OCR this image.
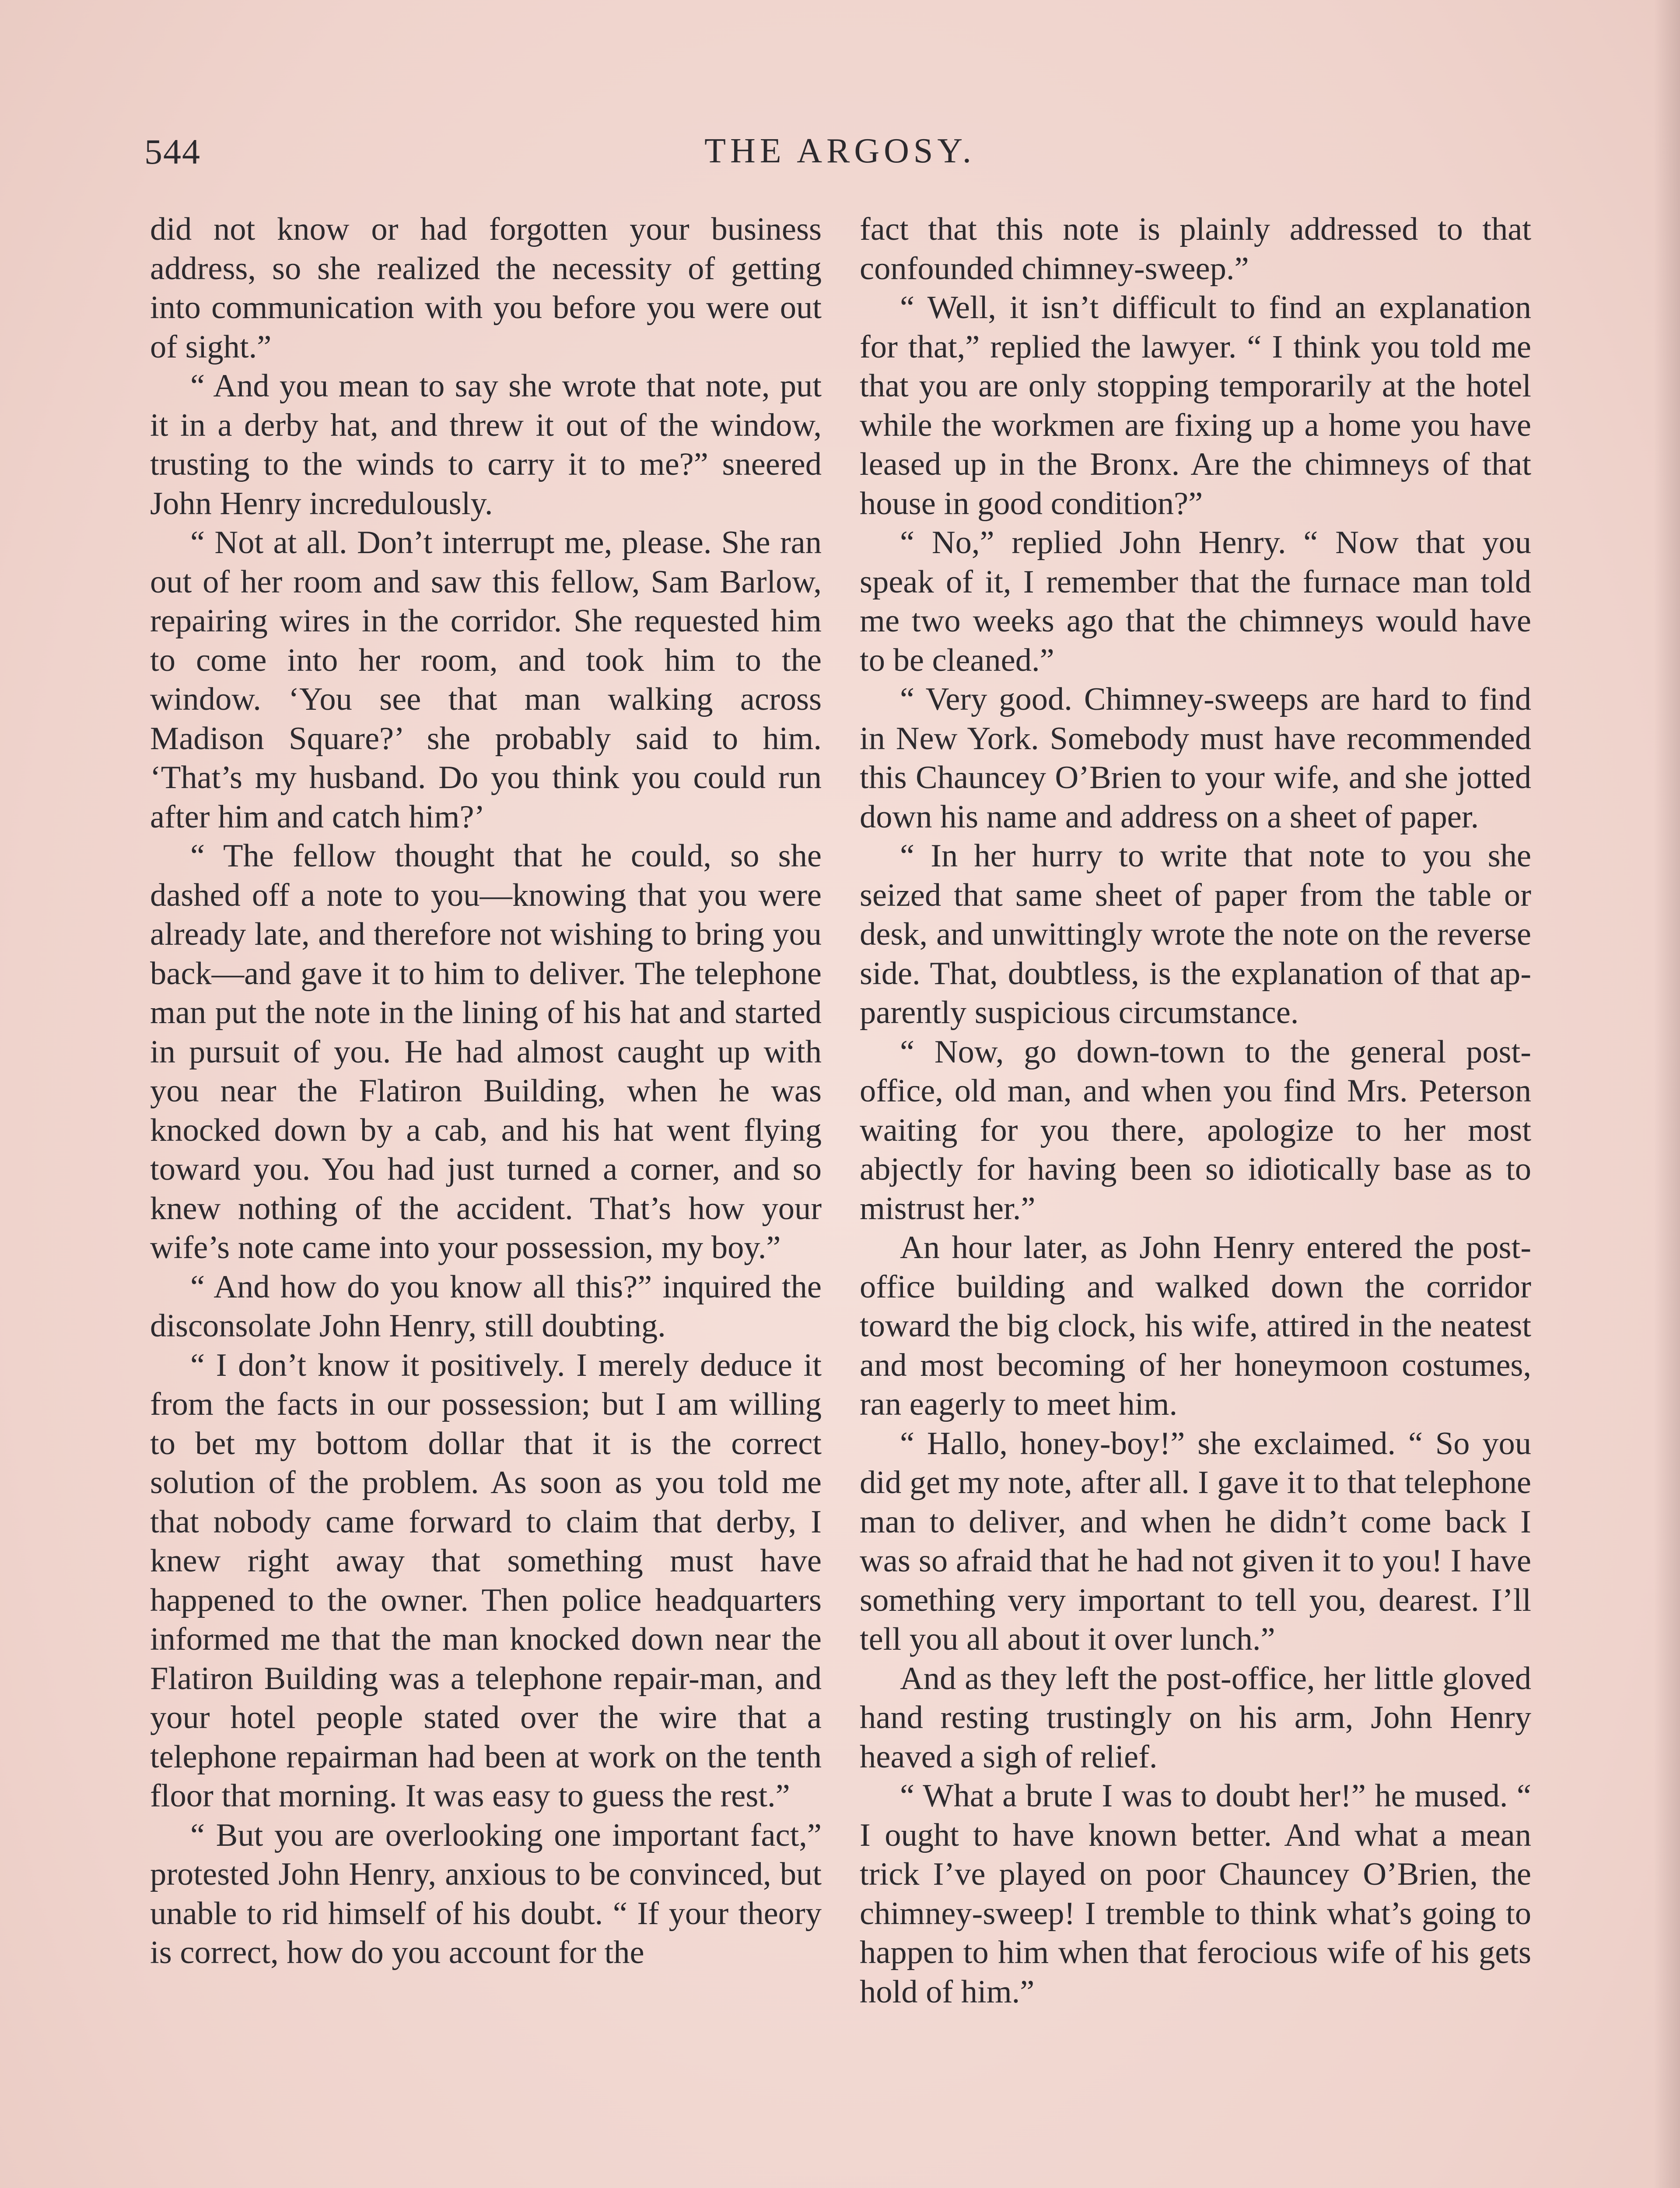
544	THE ARGOSY.

did not know or had forgotten your business address, so she realized the necessity of getting into communication with you before you were out of sight.”

“ And you mean to say she wrote that note, put it in a derby hat, and threw it out of the window, trusting to the winds to carry it to me?” sneered John Henry incredulously.

“ Not at all. Don’t interrupt me, please. She ran out of her room and saw this fellow, Sam Barlow, repairing wires in the corridor. She requested him to come into her room, and took him to the window. ‘You see that man walking across Madison Square?’ she probably said to him. ‘That’s my husband. Do you think you could run after him and catch him?’

“ The fellow thought that he could, so she dashed off a note to you—knowing that you were already late, and therefore not wishing to bring you back—and gave it to him to deliver. The telephone man put the note in the lining of his hat and started in pursuit of you. He had almost caught up with you near the Flatiron Building, when he was knocked down by a cab, and his hat went flying toward you. You had just turned a corner, and so knew nothing of the accident. That’s how your wife’s note came into your possession, my boy.”

“ And how do you know all this?” inquired the disconsolate John Henry, still doubting.

“ I don’t know it positively. I merely deduce it from the facts in our possession; but I am willing to bet my bottom dollar that it is the correct solution of the problem. As soon as you told me that nobody came forward to claim that derby, I knew right away that something must have happened to the owner. Then police headquarters informed me that the man knocked down near the Flatiron Building was a telephone repair-man, and your hotel people stated over the wire that a telephone repairman had been at work on the tenth floor that morning. It was easy to guess the rest.”

“ But you are overlooking one important fact,” protested John Henry, anxious to be convinced, but unable to rid himself of his doubt. “ If your theory is correct, how do you account for the

fact that this note is plainly addressed to that confounded chimney-sweep.”

“ Well, it isn’t difficult to find an explanation for that,” replied the lawyer. “ I think you told me that you are only stopping temporarily at the hotel while the workmen are fixing up a home you have leased up in the Bronx. Are the chimneys of that house in good condition?”

“ No,” replied John Henry. “ Now that you speak of it, I remember that the furnace man told me two weeks ago that the chimneys would have to be cleaned.”

“ Very good. Chimney-sweeps are hard to find in New York. Somebody must have recommended this Chauncey O’Brien to your wife, and she jotted down his name and address on a sheet of paper.

“ In her hurry to write that note to you she seized that same sheet of paper from the table or desk, and unwittingly wrote the note on the reverse side. That, doubtless, is the explanation of that apparently suspicious circumstance.

“ Now, go down-town to the general post-office, old man, and when you find Mrs. Peterson waiting for you there, apologize to her most abjectly for having been so idiotically base as to mistrust her.”

An hour later, as John Henry entered the post-office building and walked down the corridor toward the big clock, his wife, attired in the neatest and most becoming of her honeymoon costumes, ran eagerly to meet him.

“ Hallo, honey-boy!” she exclaimed. “ So you did get my note, after all. I gave it to that telephone man to deliver, and when he didn’t come back I was so afraid that he had not given it to you! I have something very important to tell you, dearest. I’ll tell you all about it over lunch.”

And as they left the post-office, her little gloved hand resting trustingly on his arm, John Henry heaved a sigh of relief.

“ What a brute I was to doubt her!” he mused. “ I ought to have known better. And what a mean trick I’ve played on poor Chauncey O’Brien, the chimney-sweep! I tremble to think what’s going to happen to him when that ferocious wife of his gets hold of him.”
